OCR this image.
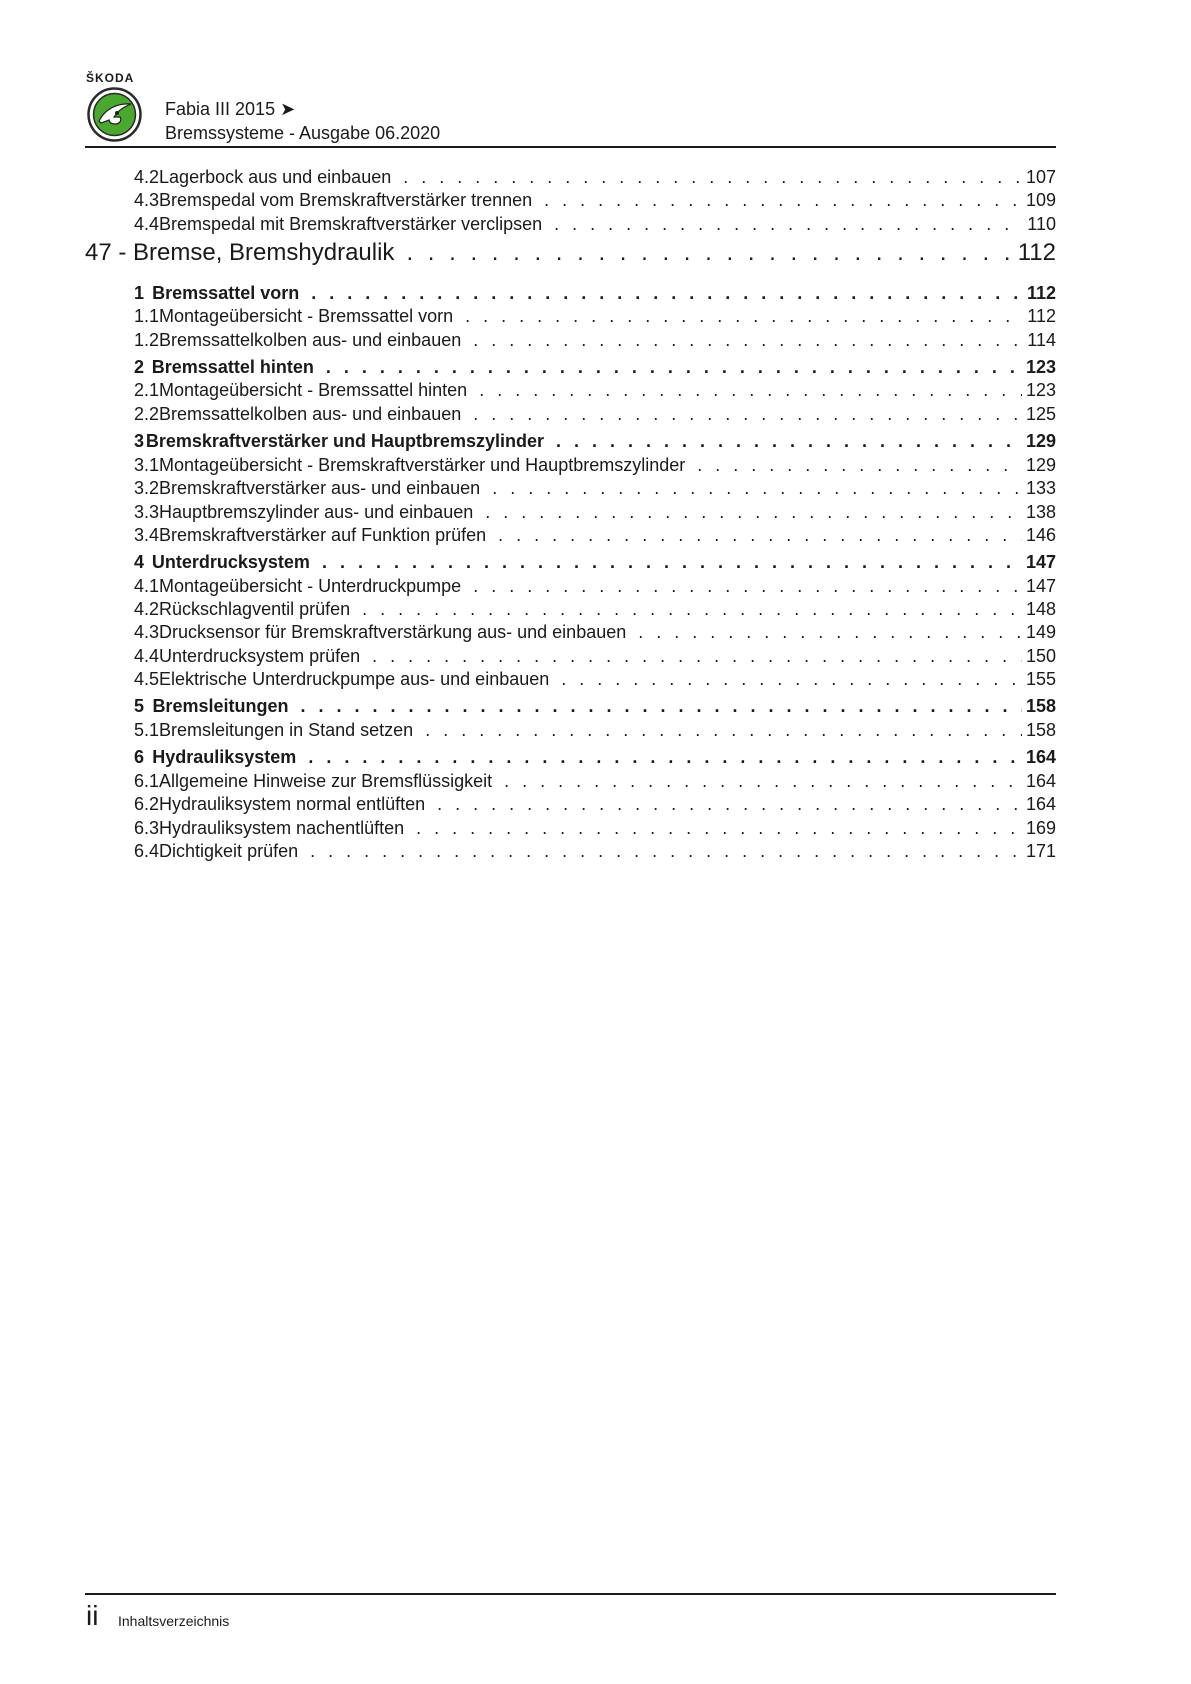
ŠKODA
Fabia III 2015 ➤
Bremssysteme - Ausgabe 06.2020
4.2 Lagerbock aus und einbauen . . .	107
4.3 Bremspedal vom Bremskraftverstärker trennen . . .	109
4.4 Bremspedal mit Bremskraftverstärker verclipsen . . .	110
47 - Bremse, Bremshydraulik . . .	112
1 Bremssattel vorn . . .	112
1.1 Montageübersicht - Bremssattel vorn . . .	112
1.2 Bremssattelkolben aus- und einbauen . . .	114
2 Bremssattel hinten . . .	123
2.1 Montageübersicht - Bremssattel hinten . . .	123
2.2 Bremssattelkolben aus- und einbauen . . .	125
3 Bremskraftverstärker und Hauptbremszylinder . . .	129
3.1 Montageübersicht - Bremskraftverstärker und Hauptbremszylinder . . .	129
3.2 Bremskraftverstärker aus- und einbauen . . .	133
3.3 Hauptbremszylinder aus- und einbauen . . .	138
3.4 Bremskraftverstärker auf Funktion prüfen . . .	146
4 Unterdrucksystem . . .	147
4.1 Montageübersicht - Unterdruckpumpe . . .	147
4.2 Rückschlagventil prüfen . . .	148
4.3 Drucksensor für Bremskraftverstärkung aus- und einbauen . . .	149
4.4 Unterdrucksystem prüfen . . .	150
4.5 Elektrische Unterdruckpumpe aus- und einbauen . . .	155
5 Bremsleitungen . . .	158
5.1 Bremsleitungen in Stand setzen . . .	158
6 Hydrauliksystem . . .	164
6.1 Allgemeine Hinweise zur Bremsflüssigkeit . . .	164
6.2 Hydrauliksystem normal entlüften . . .	164
6.3 Hydrauliksystem nachentlüften . . .	169
6.4 Dichtigkeit prüfen . . .	171
ii Inhaltsverzeichnis
